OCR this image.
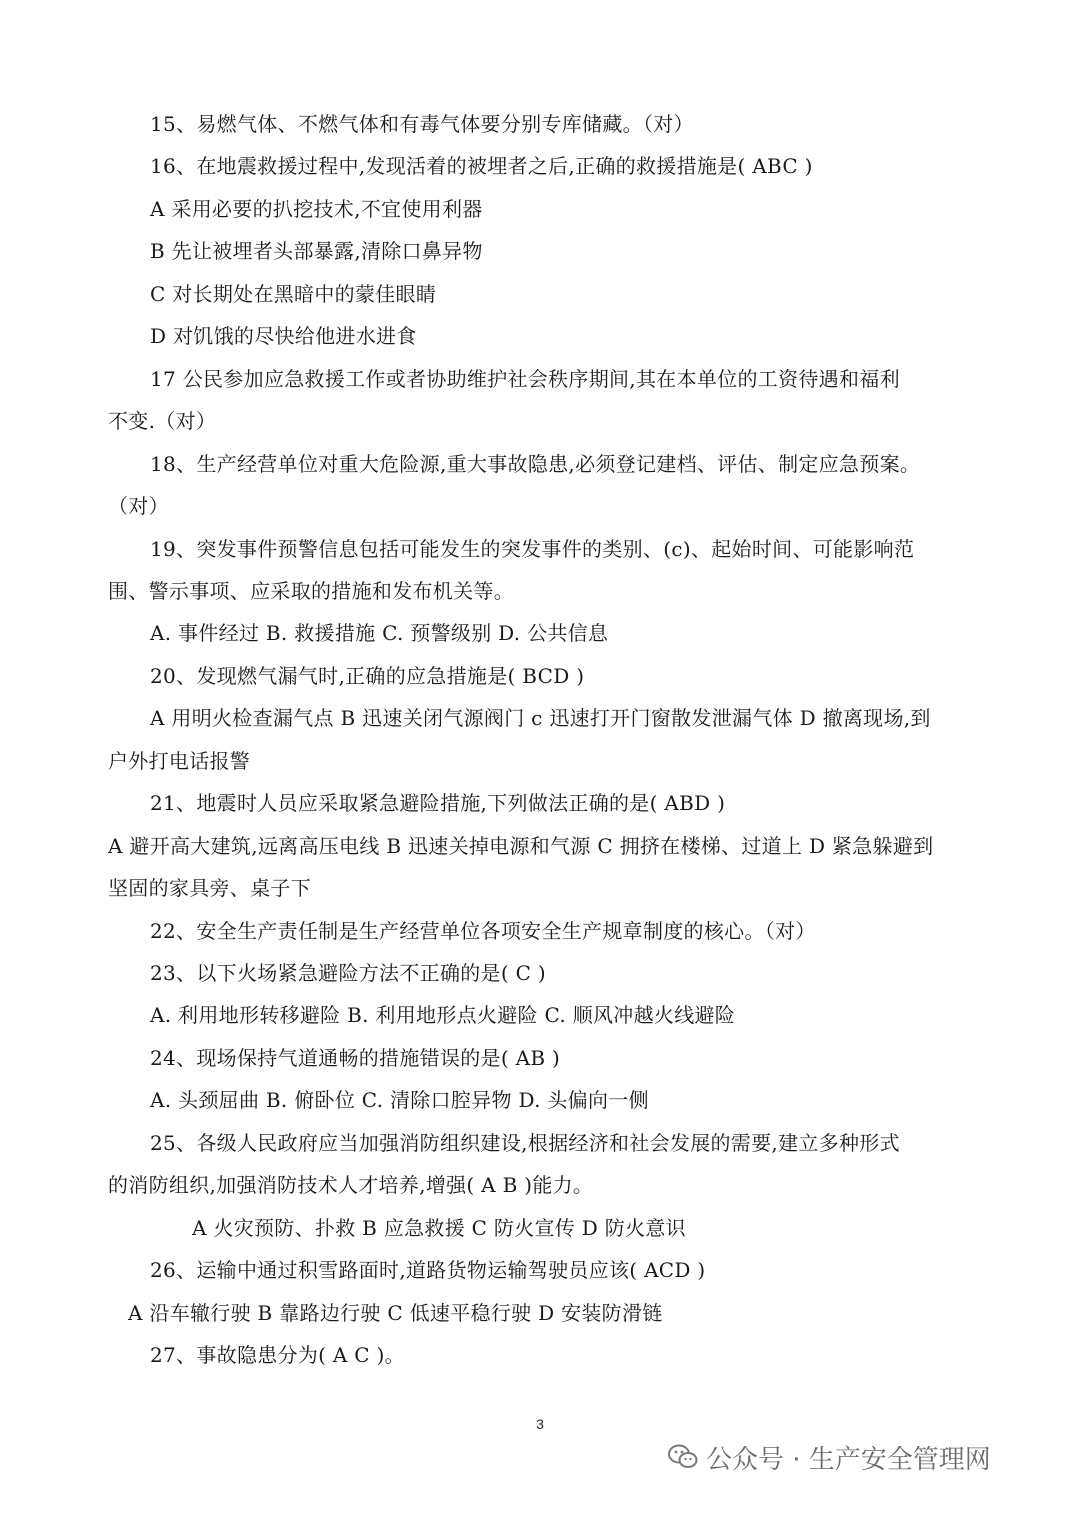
15、易燃气体、不燃气体和有毒气体要分别专库储藏。（对）
16、在地震救援过程中,发现活着的被埋者之后,正确的救援措施是( ABC )
A 采用必要的扒挖技术,不宜使用利器
B 先让被埋者头部暴露,清除口鼻异物
C 对长期处在黑暗中的蒙佳眼睛
D 对饥饿的尽快给他进水进食
17 公民参加应急救援工作或者协助维护社会秩序期间,其在本单位的工资待遇和福利
不变.（对）
18、生产经营单位对重大危险源,重大事故隐患,必须登记建档、评估、制定应急预案。
（对）
19、突发事件预警信息包括可能发生的突发事件的类别、(c)、起始时间、可能影响范
围、警示事项、应采取的措施和发布机关等。
A. 事件经过 B. 救援措施 C. 预警级别 D. 公共信息
20、发现燃气漏气时,正确的应急措施是( BCD )
A 用明火检查漏气点 B 迅速关闭气源阀门 c 迅速打开门窗散发泄漏气体 D 撤离现场,到
户外打电话报警
21、地震时人员应采取紧急避险措施,下列做法正确的是( ABD )
A 避开高大建筑,远离高压电线 B 迅速关掉电源和气源 C 拥挤在楼梯、过道上 D 紧急躲避到
坚固的家具旁、桌子下
22、安全生产责任制是生产经营单位各项安全生产规章制度的核心。（对）
23、以下火场紧急避险方法不正确的是( C )
A. 利用地形转移避险 B. 利用地形点火避险 C. 顺风冲越火线避险
24、现场保持气道通畅的措施错误的是( AB )
A. 头颈屈曲 B. 俯卧位 C. 清除口腔异物 D. 头偏向一侧
25、各级人民政府应当加强消防组织建设,根据经济和社会发展的需要,建立多种形式
的消防组织,加强消防技术人才培养,增强( A B )能力。
A 火灾预防、扑救 B 应急救援 C 防火宣传 D 防火意识
26、运输中通过积雪路面时,道路货物运输驾驶员应该( ACD )
A 沿车辙行驶 B 靠路边行驶 C 低速平稳行驶 D 安装防滑链
27、事故隐患分为( A C )。
3
公众号 · 生产安全管理网
